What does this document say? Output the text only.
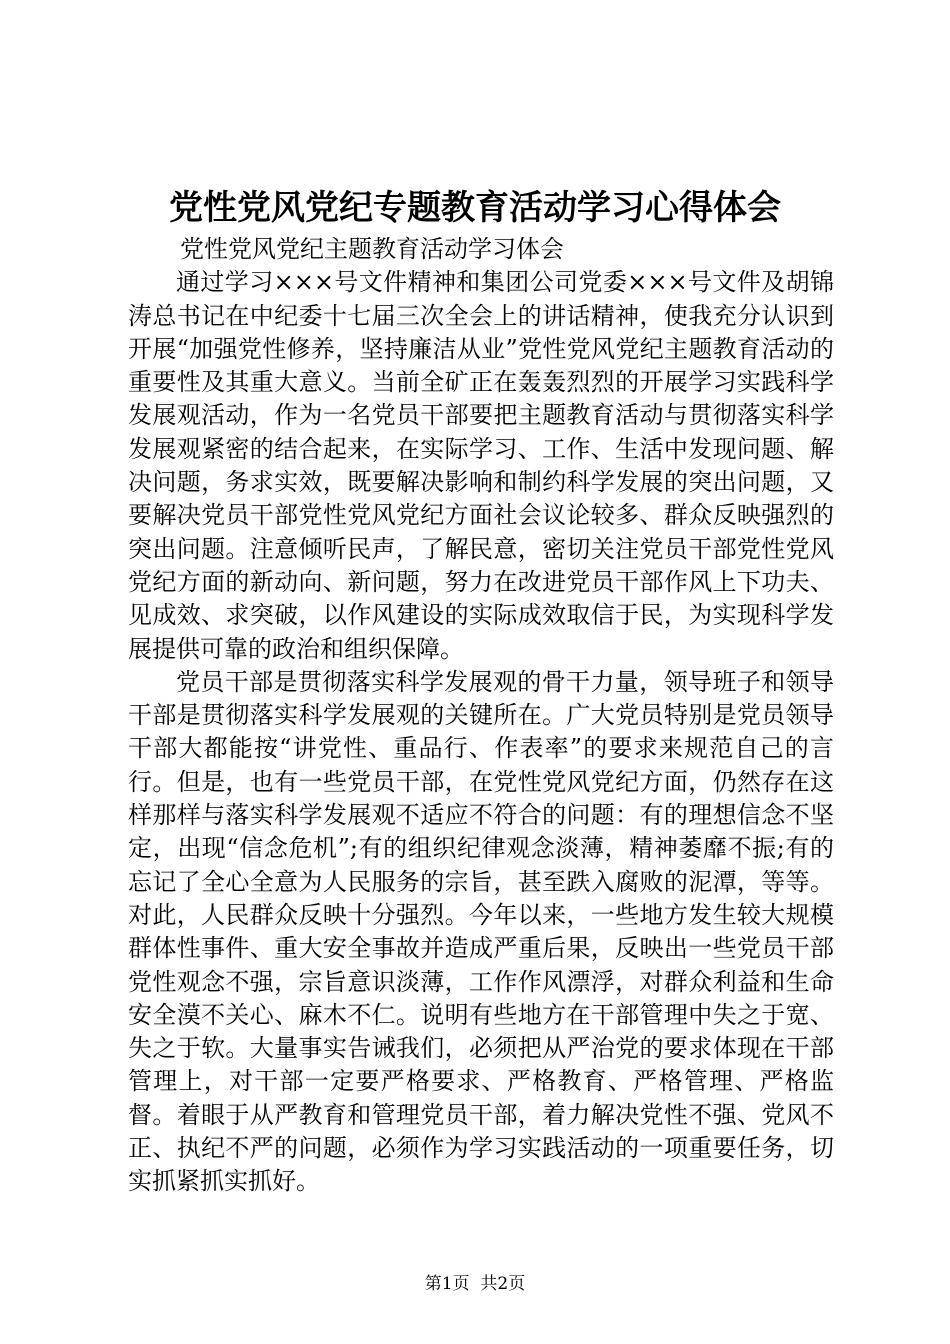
党性党风党纪专题教育活动学习心得体会

党性党风党纪主题教育活动学习体会

通过学习×××号文件精神和集团公司党委×××号文件及胡锦涛总书记在中纪委十七届三次全会上的讲话精神，使我充分认识到开展“加强党性修养，坚持廉洁从业”党性党风党纪主题教育活动的重要性及其重大意义。当前全矿正在轰轰烈烈的开展学习实践科学发展观活动，作为一名党员干部要把主题教育活动与贯彻落实科学发展观紧密的结合起来，在实际学习、工作、生活中发现问题、解决问题，务求实效，既要解决影响和制约科学发展的突出问题，又要解决党员干部党性党风党纪方面社会议论较多、群众反映强烈的突出问题。注意倾听民声，了解民意，密切关注党员干部党性党风党纪方面的新动向、新问题，努力在改进党员干部作风上下功夫、见成效、求突破，以作风建设的实际成效取信于民，为实现科学发展提供可靠的政治和组织保障。

党员干部是贯彻落实科学发展观的骨干力量，领导班子和领导干部是贯彻落实科学发展观的关键所在。广大党员特别是党员领导干部大都能按“讲党性、重品行、作表率”的要求来规范自己的言行。但是，也有一些党员干部，在党性党风党纪方面，仍然存在这样那样与落实科学发展观不适应不符合的问题：有的理想信念不坚定，出现“信念危机”;有的组织纪律观念淡薄，精神萎靡不振;有的忘记了全心全意为人民服务的宗旨，甚至跌入腐败的泥潭，等等。对此，人民群众反映十分强烈。今年以来，一些地方发生较大规模群体性事件、重大安全事故并造成严重后果，反映出一些党员干部党性观念不强，宗旨意识淡薄，工作作风漂浮，对群众利益和生命安全漠不关心、麻木不仁。说明有些地方在干部管理中失之于宽、失之于软。大量事实告诫我们，必须把从严治党的要求体现在干部管理上，对干部一定要严格要求、严格教育、严格管理、严格监督。着眼于从严教育和管理党员干部，着力解决党性不强、党风不正、执纪不严的问题，必须作为学习实践活动的一项重要任务，切实抓紧抓实抓好。

第1页 共2页
